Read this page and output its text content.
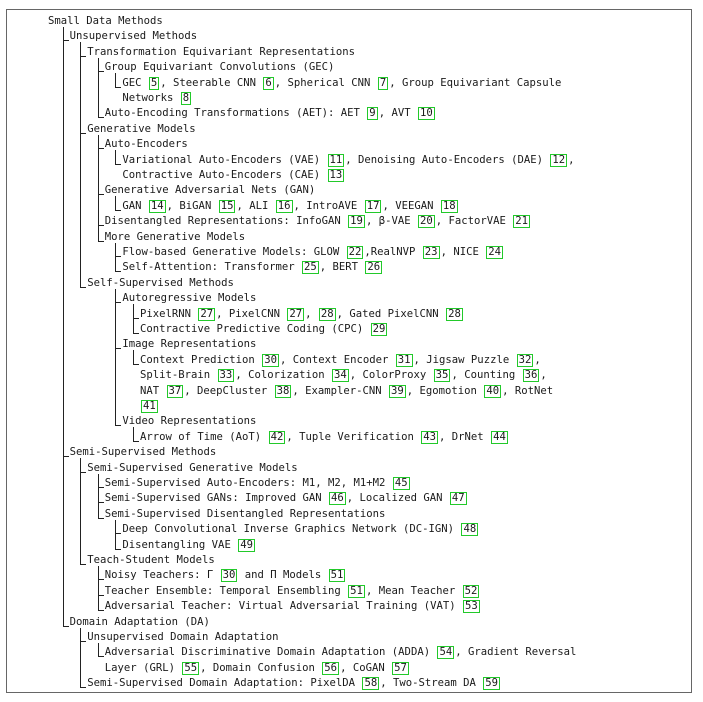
Small Data Methods
Unsupervised Methods
Transformation Equivariant Representations
Group Equivariant Convolutions (GEC)
GEC 5 , Steerable CNN 6 , Spherical CNN 7 , Group Equivariant Capsule
Networks 8
Auto-Encoding Transformations (AET): AET 9 , AVT 10
Generative Models
Auto-Encoders
Variational Auto-Encoders (VAE) 11 , Denoising Auto-Encoders (DAE) 12 ,
Contractive Auto-Encoders (CAE) 13
Generative Adversarial Nets (GAN)
GAN 14 , BiGAN 15 , ALI 16 , IntroAVE 17 , VEEGAN 18
Disentangled Representations: InfoGAN 19 , β-VAE 20 , FactorVAE 21
More Generative Models
Flow-based Generative Models: GLOW 22 ,RealNVP 23 , NICE 24
Self-Attention: Transformer 25 , BERT 26
Self-Supervised Methods
Autoregressive Models
PixelRNN 27 , PixelCNN 27 , 28 , Gated PixelCNN 28
Contractive Predictive Coding (CPC) 29
Image Representations
Context Prediction 30 , Context Encoder 31 , Jigsaw Puzzle 32 ,
Split-Brain 33 , Colorization 34 , ColorProxy 35 , Counting 36 ,
NAT 37 , DeepCluster 38 , Exampler-CNN 39 , Egomotion 40 , RotNet
41
Video Representations
Arrow of Time (AoT) 42 , Tuple Verification 43 , DrNet 44
Semi-Supervised Methods
Semi-Supervised Generative Models
Semi-Supervised Auto-Encoders: M1, M2, M1+M2 45
Semi-Supervised GANs: Improved GAN 46 , Localized GAN 47
Semi-Supervised Disentangled Representations
Deep Convolutional Inverse Graphics Network (DC-IGN) 48
Disentangling VAE 49
Teach-Student Models
Noisy Teachers: Γ 30 and Π Models 51
Teacher Ensemble: Temporal Ensembling 51 , Mean Teacher 52
Adversarial Teacher: Virtual Adversarial Training (VAT) 53
Domain Adaptation (DA)
Unsupervised Domain Adaptation
Adversarial Discriminative Domain Adaptation (ADDA) 54 , Gradient Reversal
Layer (GRL) 55 , Domain Confusion 56 , CoGAN 57
Semi-Supervised Domain Adaptation: PixelDA 58 , Two-Stream DA 59
